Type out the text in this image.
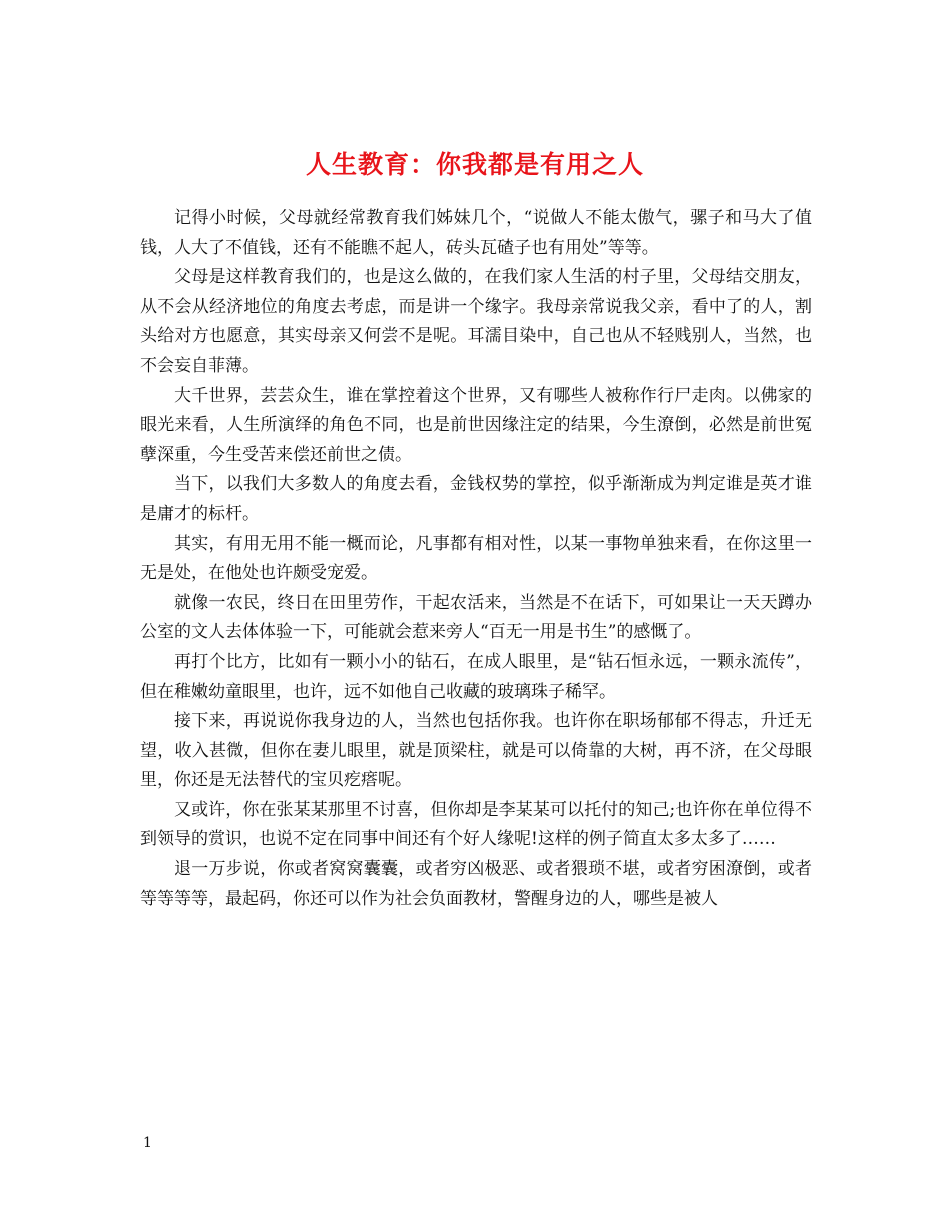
人生教育：你我都是有用之人

记得小时候，父母就经常教育我们姊妹几个，“说做人不能太傲气，骡子和马大了值钱，人大了不值钱，还有不能瞧不起人，砖头瓦碴子也有用处”等等。

父母是这样教育我们的，也是这么做的，在我们家人生活的村子里，父母结交朋友，从不会从经济地位的角度去考虑，而是讲一个缘字。我母亲常说我父亲，看中了的人，割头给对方也愿意，其实母亲又何尝不是呢。耳濡目染中，自己也从不轻贱别人，当然，也不会妄自菲薄。

大千世界，芸芸众生，谁在掌控着这个世界，又有哪些人被称作行尸走肉。以佛家的眼光来看，人生所演绎的角色不同，也是前世因缘注定的结果，今生潦倒，必然是前世冤孽深重，今生受苦来偿还前世之债。

当下，以我们大多数人的角度去看，金钱权势的掌控，似乎渐渐成为判定谁是英才谁是庸才的标杆。

其实，有用无用不能一概而论，凡事都有相对性，以某一事物单独来看，在你这里一无是处，在他处也许颇受宠爱。

就像一农民，终日在田里劳作，干起农活来，当然是不在话下，可如果让一天天蹲办公室的文人去体体验一下，可能就会惹来旁人“百无一用是书生”的感慨了。

再打个比方，比如有一颗小小的钻石，在成人眼里，是“钻石恒永远，一颗永流传”，但在稚嫩幼童眼里，也许，远不如他自己收藏的玻璃珠子稀罕。

接下来，再说说你我身边的人，当然也包括你我。也许你在职场郁郁不得志，升迁无望，收入甚微，但你在妻儿眼里，就是顶梁柱，就是可以倚靠的大树，再不济，在父母眼里，你还是无法替代的宝贝疙瘩呢。

又或许，你在张某某那里不讨喜，但你却是李某某可以托付的知己;也许你在单位得不到领导的赏识，也说不定在同事中间还有个好人缘呢!这样的例子简直太多太多了……

退一万步说，你或者窝窝囊囊，或者穷凶极恶、或者猥琐不堪，或者穷困潦倒，或者等等等等，最起码，你还可以作为社会负面教材，警醒身边的人，哪些是被人

1
